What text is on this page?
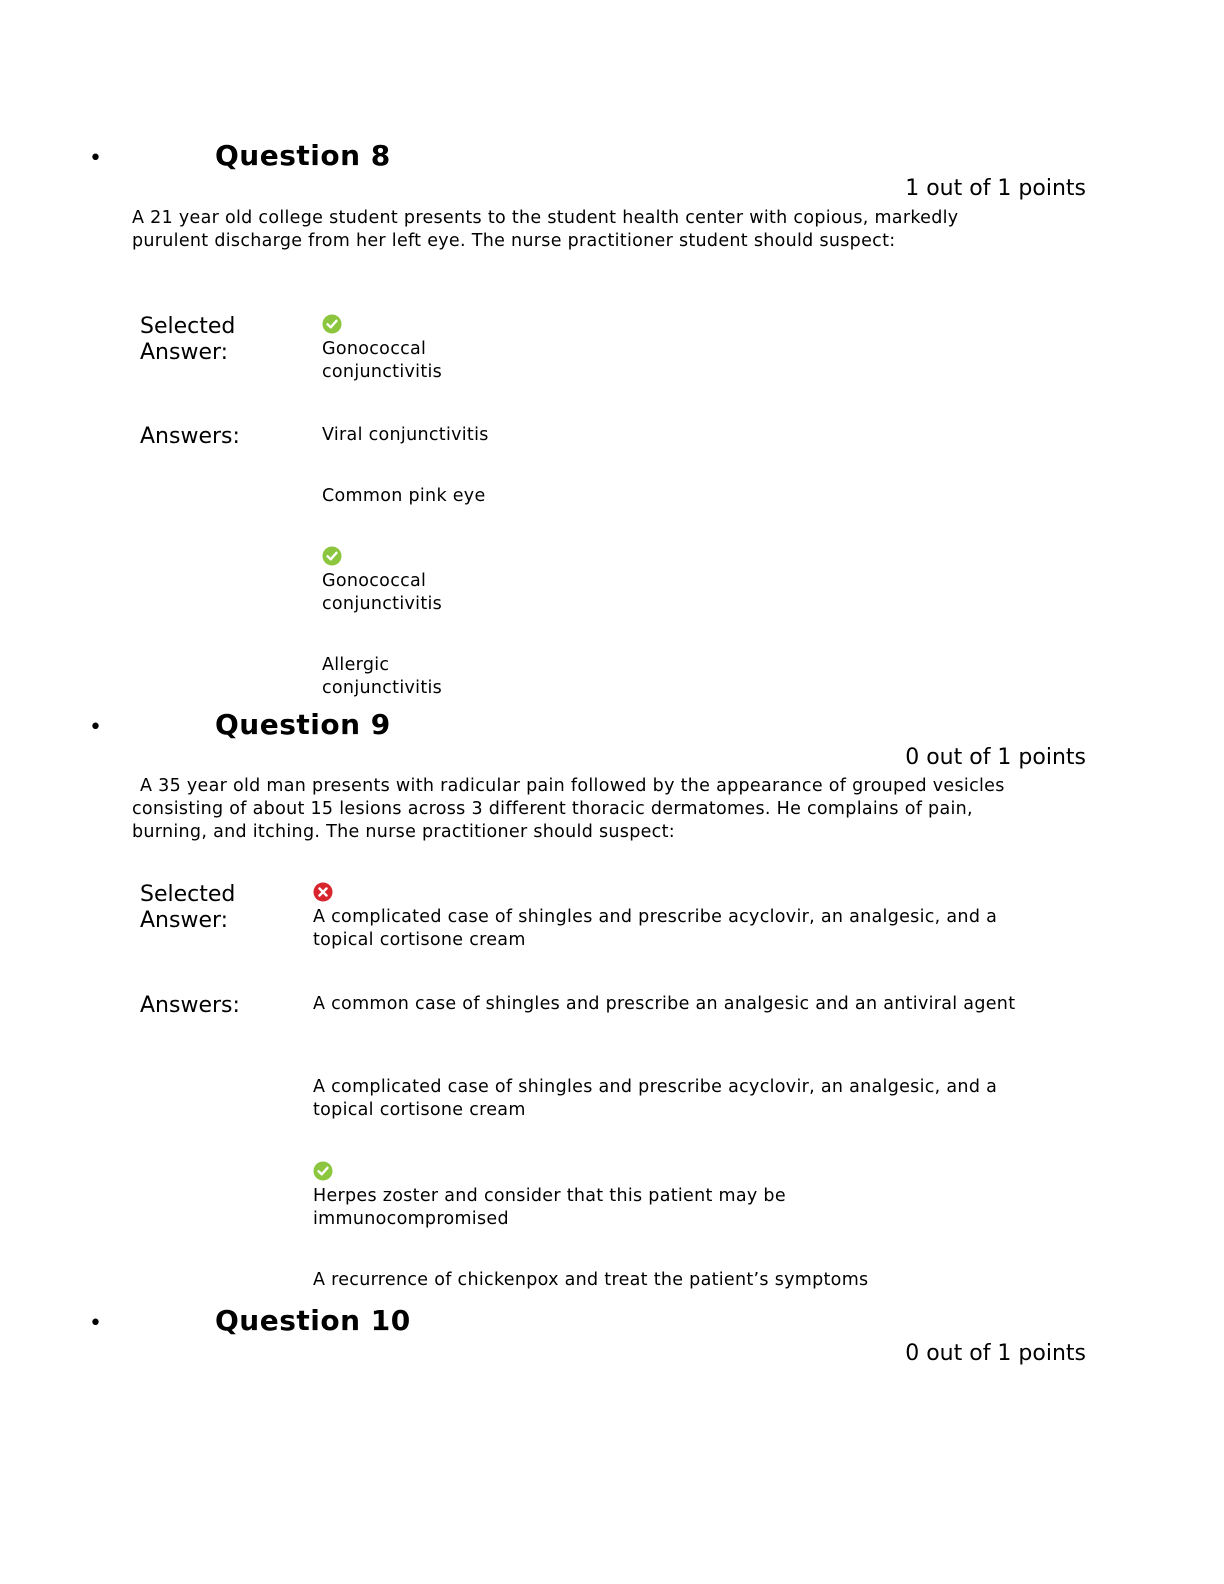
•	Question 8
1 out of 1 points
A 21 year old college student presents to the student health center with copious, markedly purulent discharge from her left eye. The nurse practitioner student should suspect:
Selected Answer:	Gonococcal conjunctivitis
Answers:	Viral conjunctivitis
Common pink eye
Gonococcal conjunctivitis
Allergic conjunctivitis
•	Question 9
0 out of 1 points
A 35 year old man presents with radicular pain followed by the appearance of grouped vesicles consisting of about 15 lesions across 3 different thoracic dermatomes. He complains of pain, burning, and itching. The nurse practitioner should suspect:
Selected Answer:	A complicated case of shingles and prescribe acyclovir, an analgesic, and a topical cortisone cream
Answers:	A common case of shingles and prescribe an analgesic and an antiviral agent
A complicated case of shingles and prescribe acyclovir, an analgesic, and a topical cortisone cream
Herpes zoster and consider that this patient may be immunocompromised
A recurrence of chickenpox and treat the patient’s symptoms
•	Question 10
0 out of 1 points
